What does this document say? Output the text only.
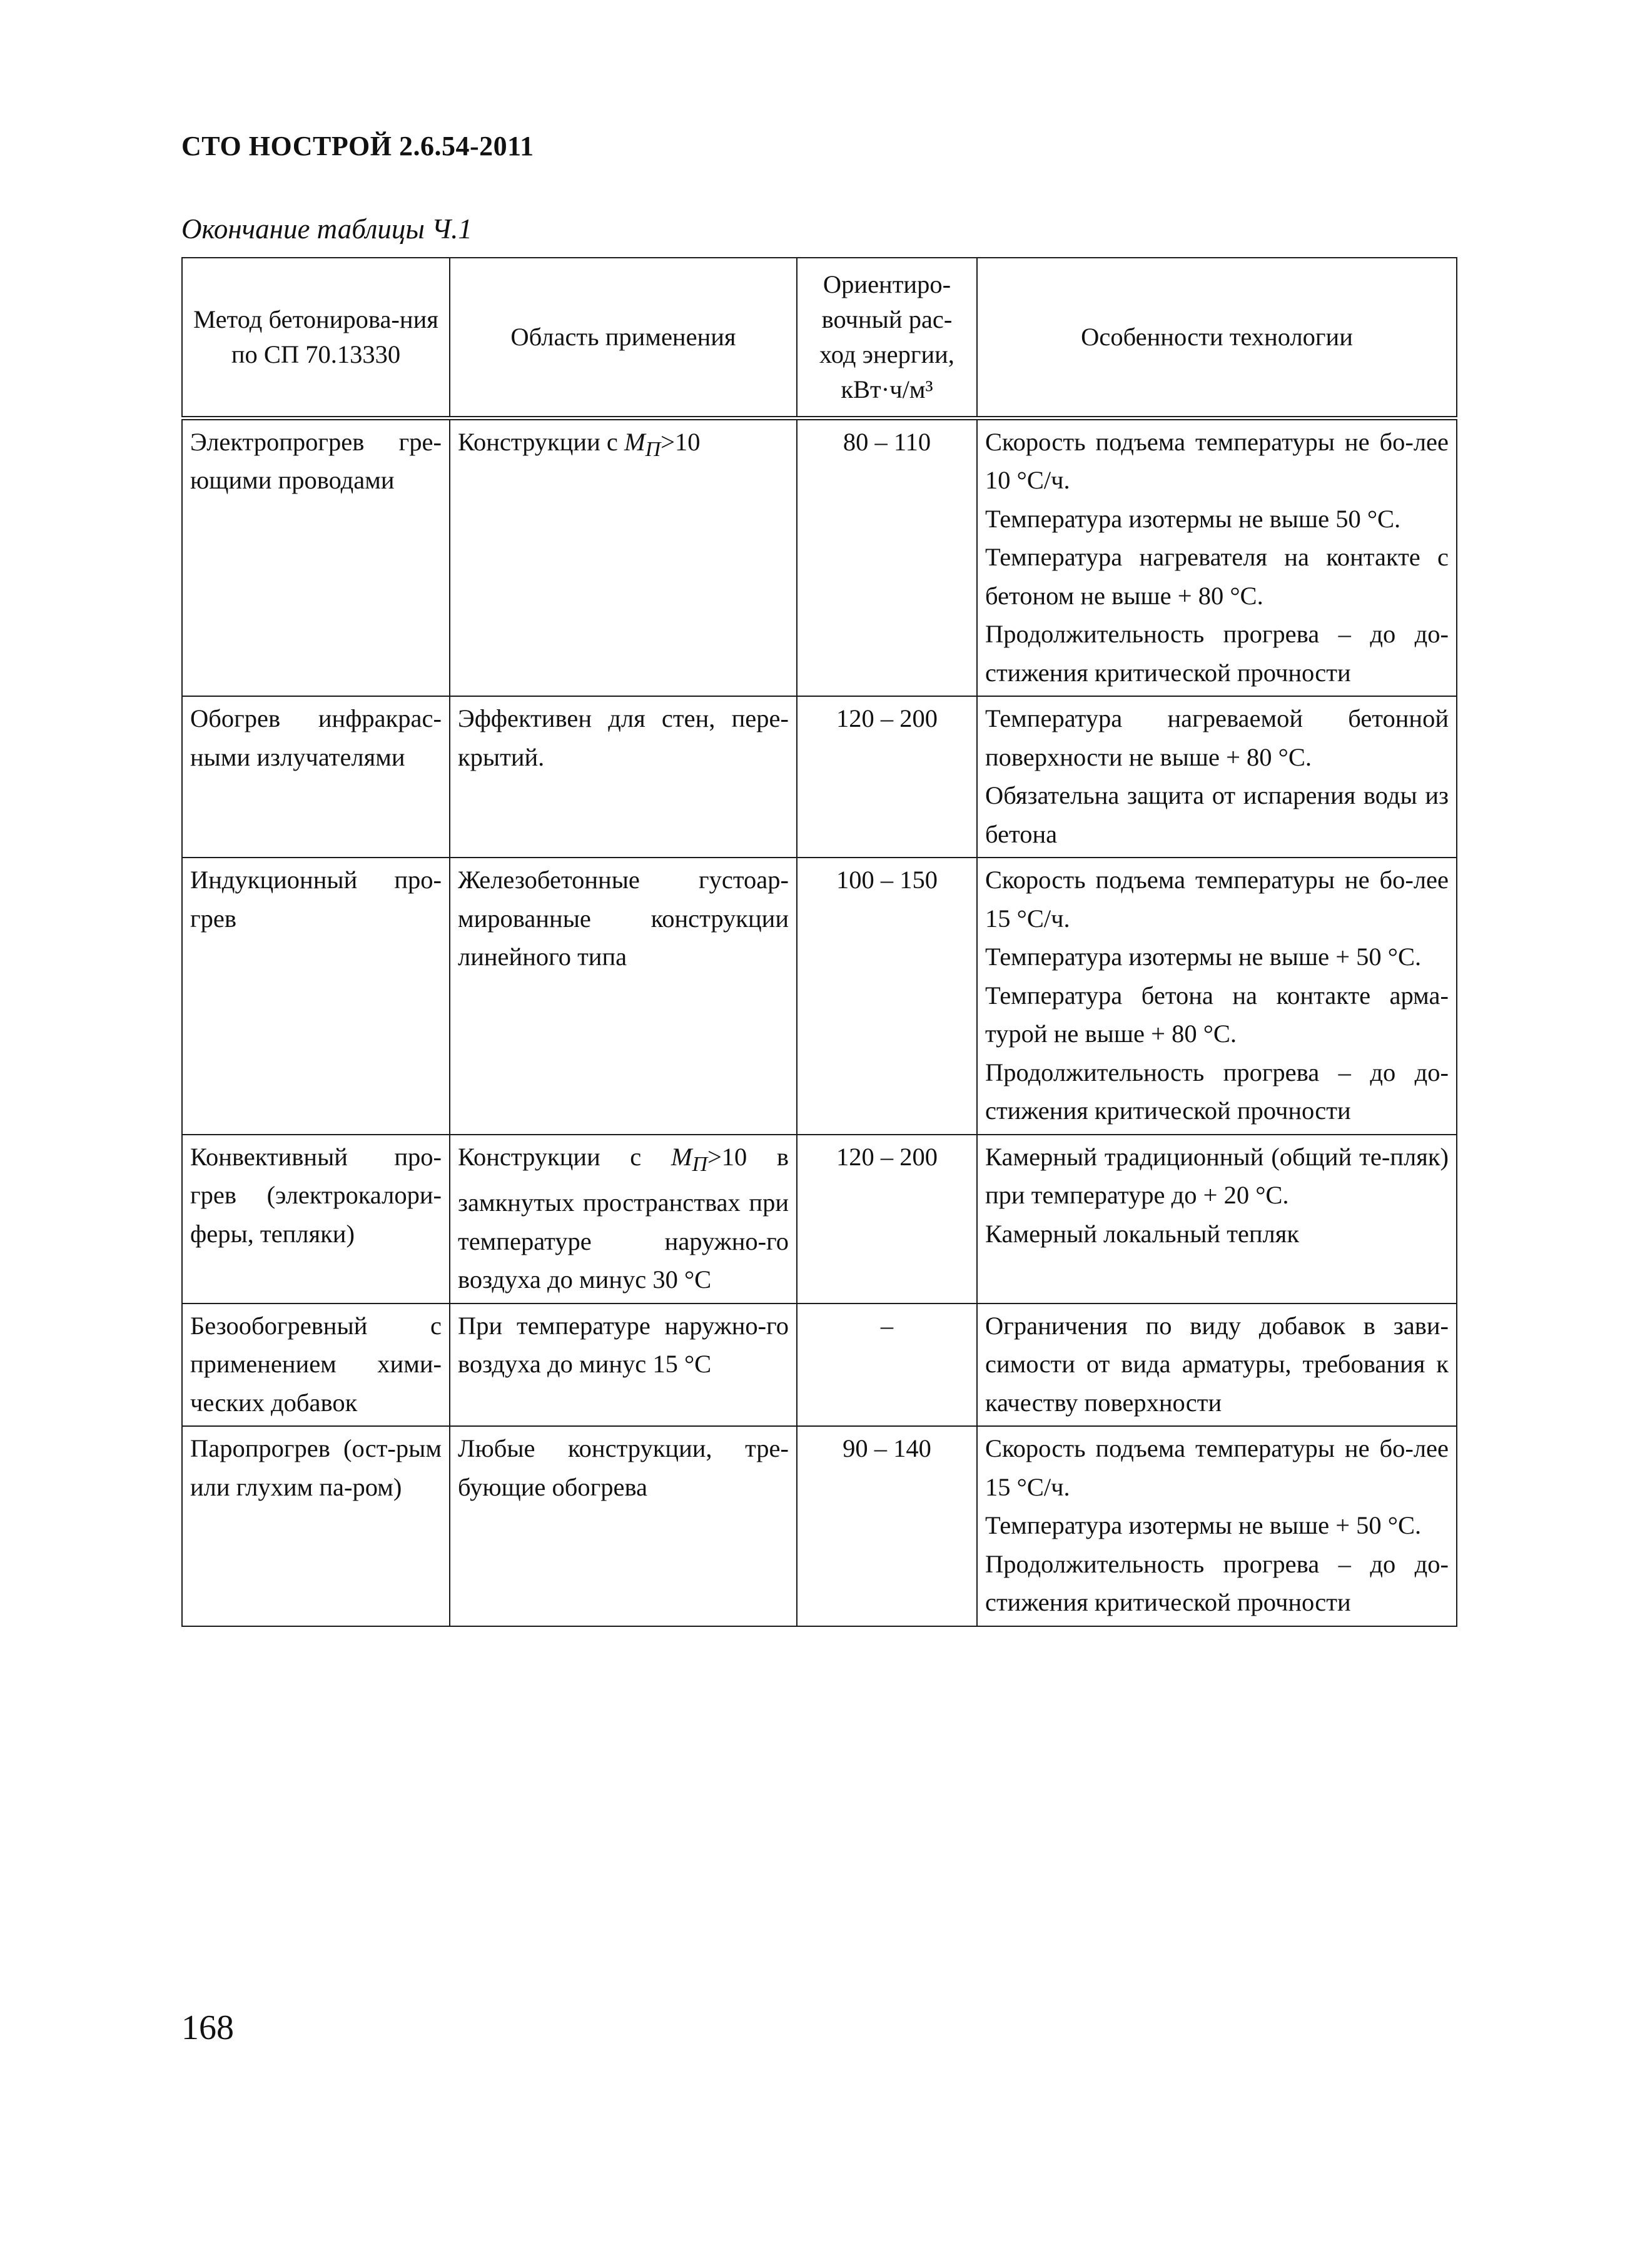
СТО НОСТРОЙ 2.6.54-2011
Окончание таблицы Ч.1
Метод бетонирова-ния по СП 70.13330	Область применения	Ориентиро-вочный рас-ход энергии, кВт·ч/м³	Особенности технологии
Электропрогрев гре-ющими проводами	Конструкции с $M_П>10$	80 – 110	Скорость подъема температуры не бо-лее 10 °С/ч.
Температура изотермы не выше 50 °С.
Температура нагревателя на контакте с бетоном не выше + 80 °С.
Продолжительность прогрева – до до-стижения критической прочности

Обогрев инфракрас-ными излучателями	Эффективен для стен, пере-крытий.	120 – 200	Температура нагреваемой бетонной поверхности не выше + 80 °С.
Обязательна защита от испарения воды из бетона

Индукционный про-грев	Железобетонные густоар-мированные конструкции линейного типа	100 – 150	Скорость подъема температуры не бо-лее 15 °С/ч.
Температура изотермы не выше + 50 °С.
Температура бетона на контакте арма-турой не выше + 80 °С.
Продолжительность прогрева – до до-стижения критической прочности

Конвективный про-грев (электрокалори-феры, тепляки)	Конструкции с $M_П>10$ в замкнутых пространствах при температуре наружно-го воздуха до минус 30 °С	120 – 200	Камерный традиционный (общий те-пляк) при температуре до + 20 °С.
Камерный локальный тепляк

Безообогревный с применением хими-ческих добавок	При температуре наружно-го воздуха до минус 15 °С	–	Ограничения по виду добавок в зави-симости от вида арматуры, требования к качеству поверхности

Паропрогрев (ост-рым или глухим па-ром)	Любые конструкции, тре-бующие обогрева	90 – 140	Скорость подъема температуры не бо-лее 15 °С/ч.
Температура изотермы не выше + 50 °С.
Продолжительность прогрева – до до-стижения критической прочности
168
